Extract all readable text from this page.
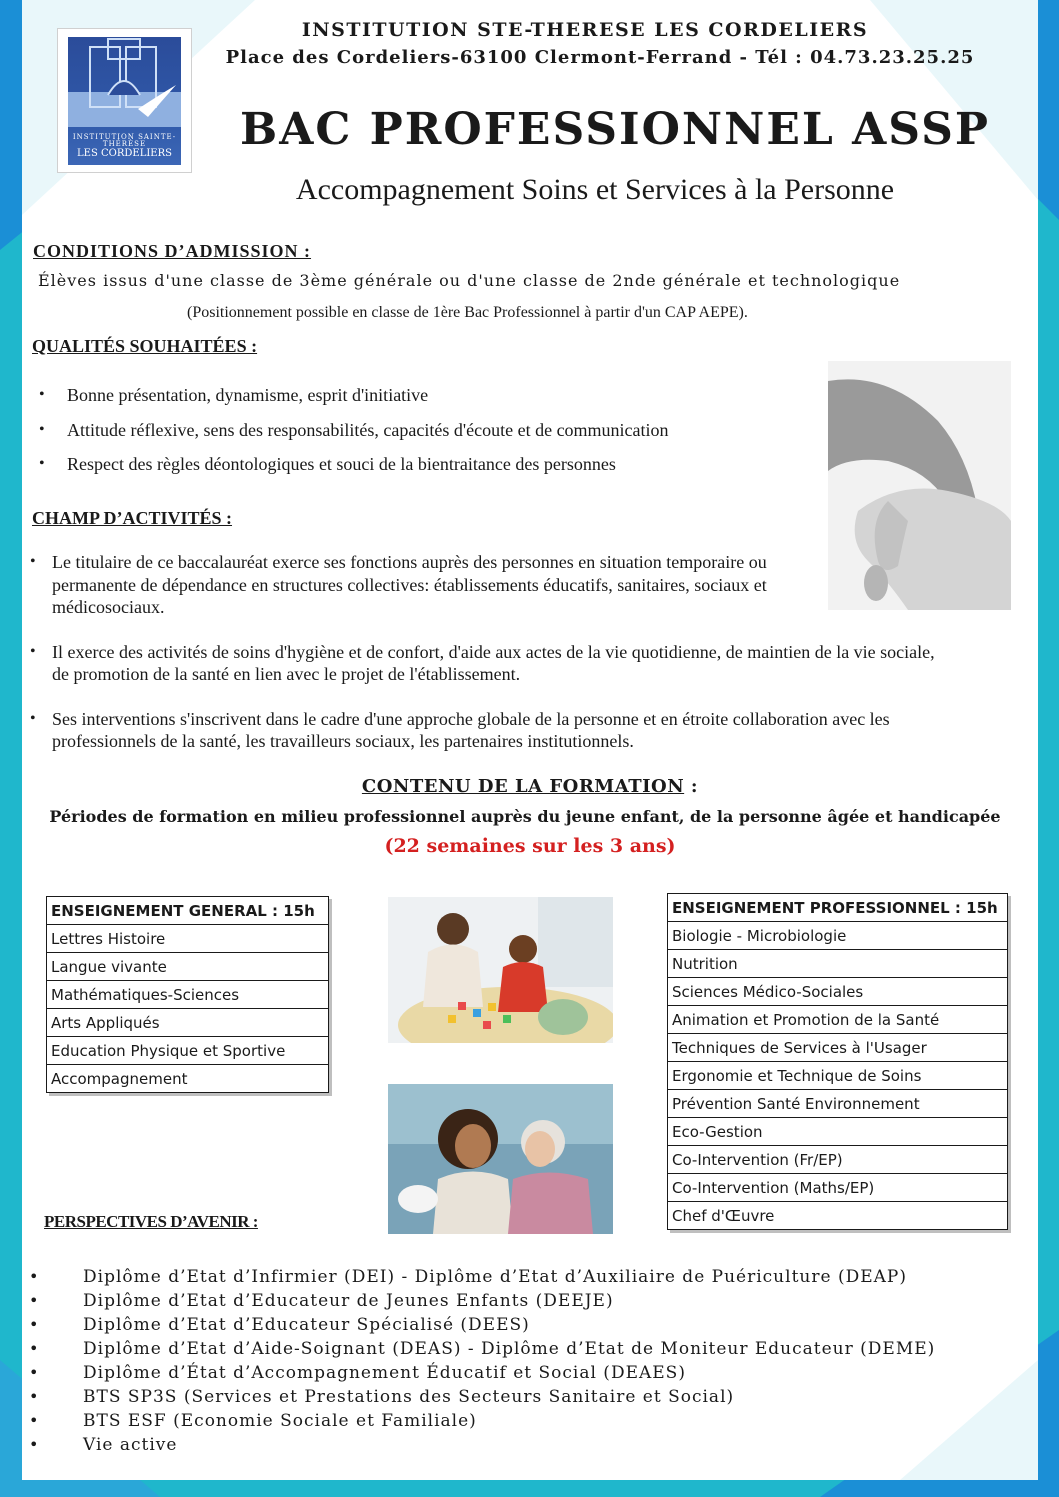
INSTITUTION SAINTE-THÉRÈSE
LES CORDELIERS
INSTITUTION STE-THERESE LES CORDELIERS
Place des Cordeliers-63100 Clermont-Ferrand - Tél : 04.73.23.25.25
BAC PROFESSIONNEL ASSP
Accompagnement Soins et Services à la Personne
CONDITIONS D’ADMISSION :
Élèves issus d'une classe de 3ème générale ou d'une classe de 2nde générale et technologique
(Positionnement possible en classe de 1ère Bac Professionnel à partir d'un CAP AEPE).
QUALITÉS SOUHAITÉES :
• Bonne présentation, dynamisme, esprit d'initiative
• Attitude réflexive, sens des responsabilités, capacités d'écoute et de communication
• Respect des règles déontologiques et souci de la bientraitance des personnes
CHAMP D’ACTIVITÉS :
• Le titulaire de ce baccalauréat exerce ses fonctions auprès des personnes en situation temporaire ou permanente de dépendance en structures collectives: établissements éducatifs, sanitaires, sociaux et médicosociaux.
• Il exerce des activités de soins d'hygiène et de confort, d'aide aux actes de la vie quotidienne, de maintien de la vie sociale, de promotion de la santé en lien avec le projet de l'établissement.
• Ses interventions s'inscrivent dans le cadre d'une approche globale de la personne et en étroite collaboration avec les professionnels de la santé, les travailleurs sociaux, les partenaires institutionnels.
CONTENU DE LA FORMATION :
Périodes de formation en milieu professionnel auprès du jeune enfant, de la personne âgée et handicapée
(22 semaines sur les 3 ans)
ENSEIGNEMENT GENERAL : 15h
Lettres Histoire
Langue vivante
Mathématiques-Sciences
Arts Appliqués
Education Physique et Sportive
Accompagnement
ENSEIGNEMENT PROFESSIONNEL : 15h
Biologie - Microbiologie
Nutrition
Sciences Médico-Sociales
Animation et Promotion de la Santé
Techniques de Services à l'Usager
Ergonomie et Technique de Soins
Prévention Santé Environnement
Eco-Gestion
Co-Intervention (Fr/EP)
Co-Intervention (Maths/EP)
Chef d'Œuvre
PERSPECTIVES D’AVENIR :
•	Diplôme d’Etat d’Infirmier (DEI) - Diplôme d’Etat d’Auxiliaire de Puériculture (DEAP)
•	Diplôme d’Etat d’Educateur de Jeunes Enfants (DEEJE)
•	Diplôme d’Etat d’Educateur Spécialisé (DEES)
•	Diplôme d’Etat d’Aide-Soignant (DEAS) - Diplôme d’Etat de Moniteur Educateur (DEME)
•	Diplôme d’État d’Accompagnement Éducatif et Social (DEAES)
•	BTS SP3S (Services et Prestations des Secteurs Sanitaire et Social)
•	BTS ESF (Economie Sociale et Familiale)
•	Vie active
